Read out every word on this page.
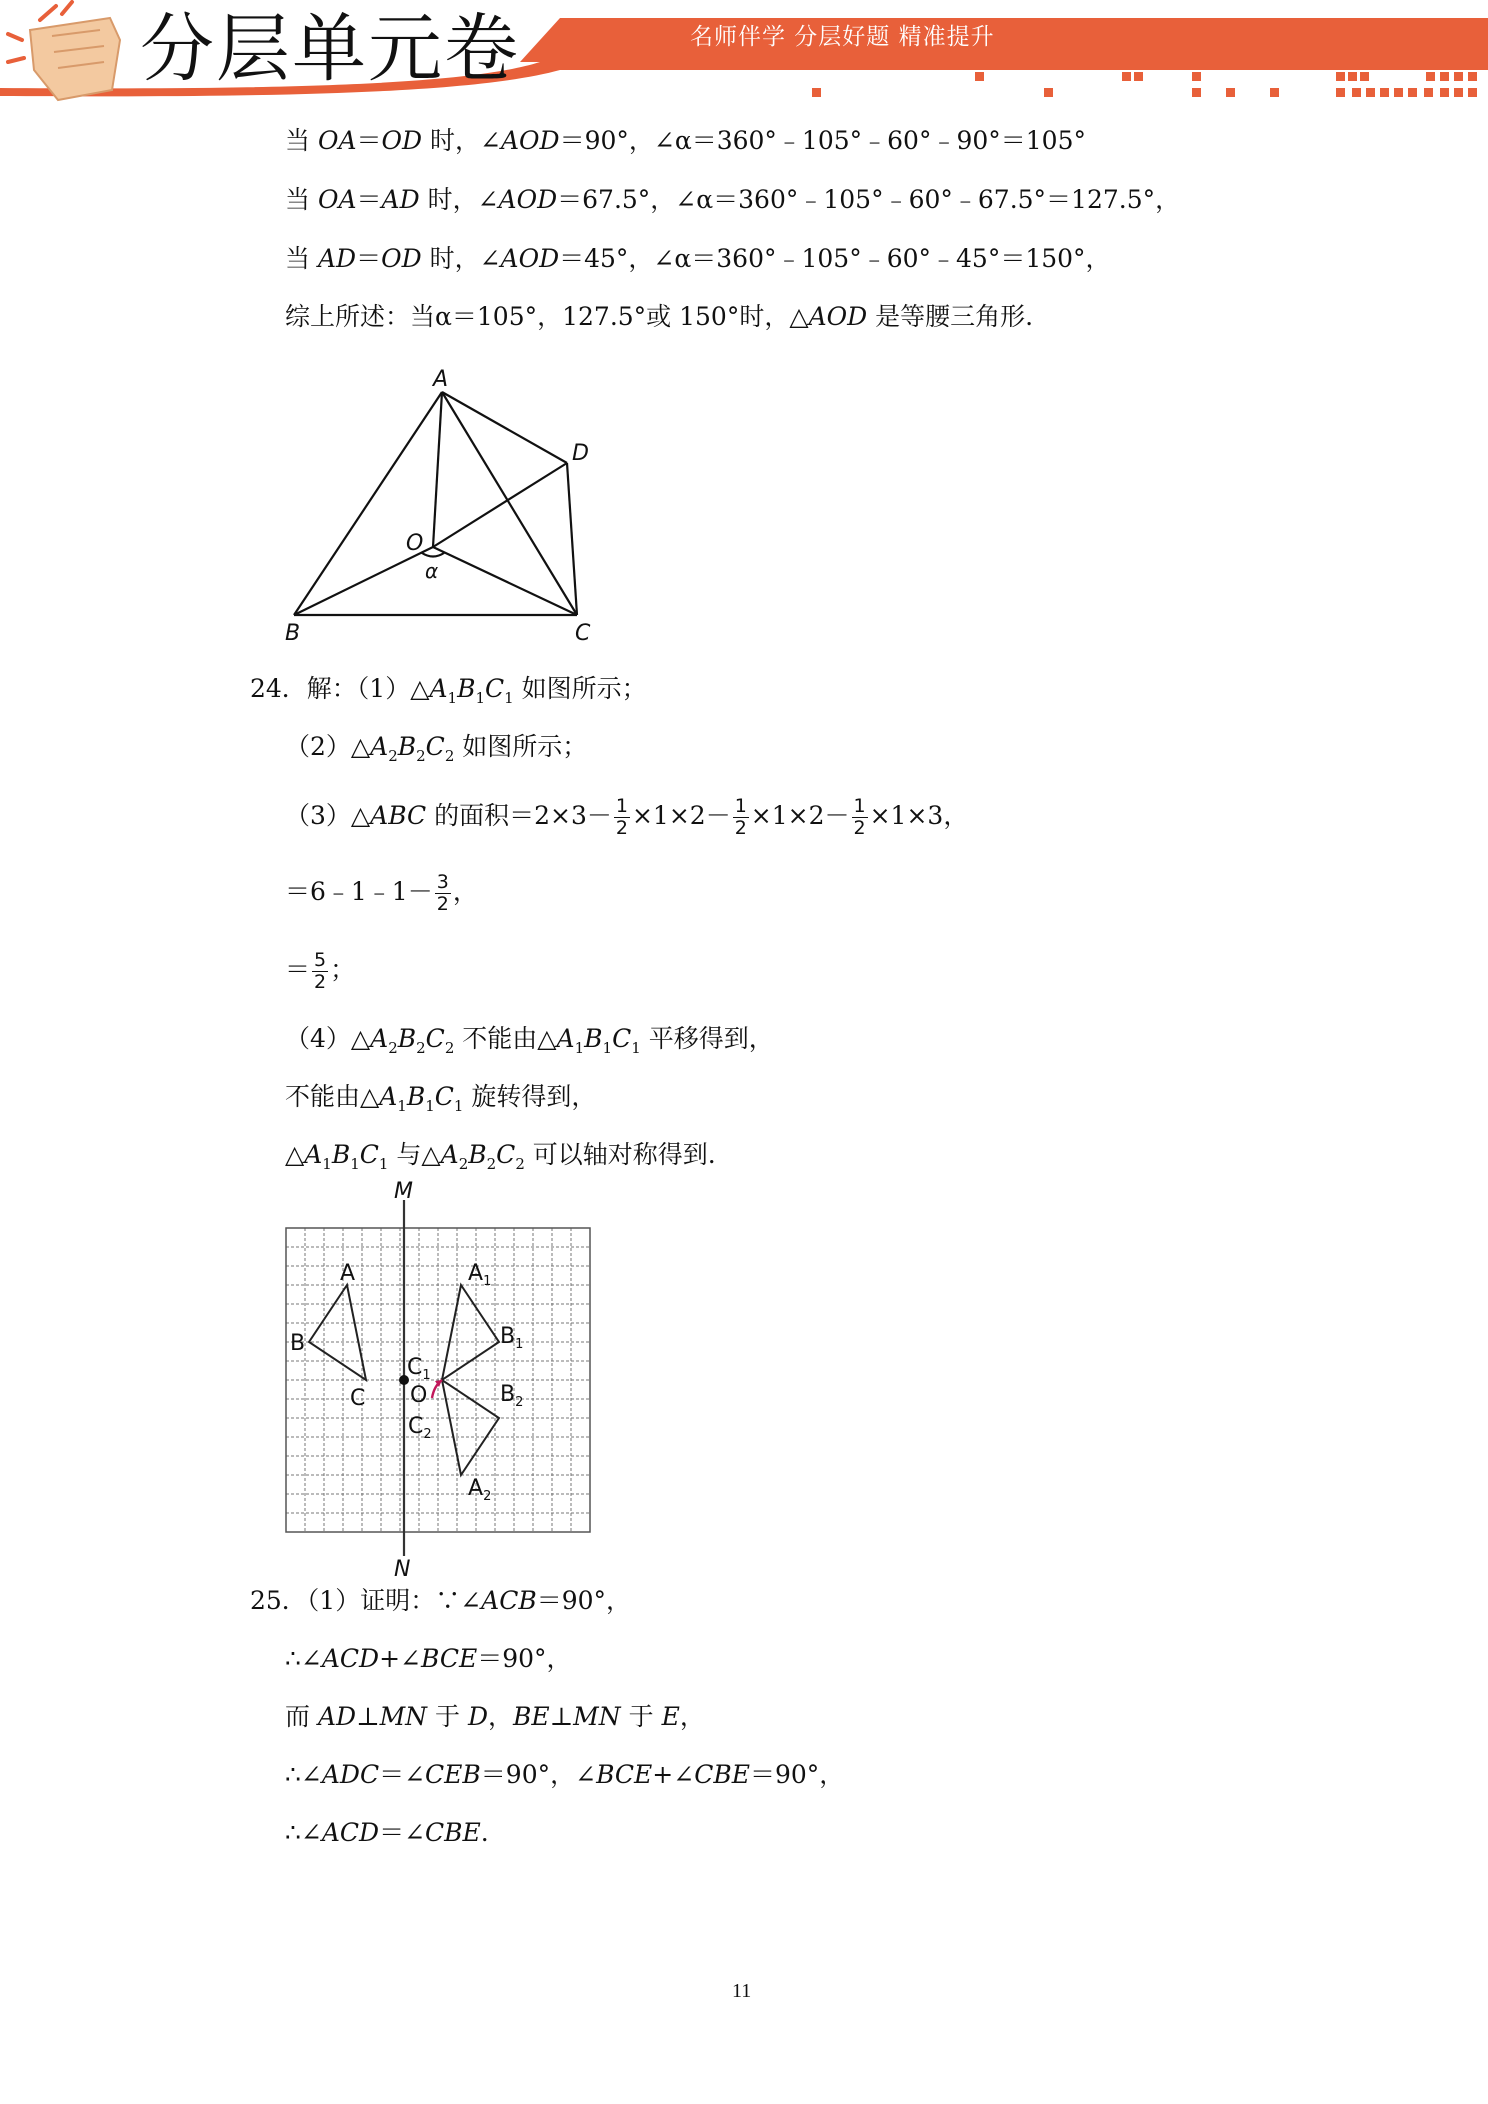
分层单元卷	名师伴学 分层好题 精准提升
当 OA＝OD 时，∠AOD＝90°，∠α＝360°﹣105°﹣60°﹣90°＝105°
当 OA＝AD 时，∠AOD＝67.5°，∠α＝360°﹣105°﹣60°﹣67.5°＝127.5°，
当 AD＝OD 时，∠AOD＝45°，∠α＝360°﹣105°﹣60°﹣45°＝150°，
综上所述：当α＝105°，127.5°或 150°时，△AOD 是等腰三角形.
A
D
O
α
B	C
24．解：$(1)\triangle A_1B_1C_1$ 如图所示；
$(2)\triangle A_2B_2C_2$ 如图所示；
（3）△ABC 的面积$=2\times 3- \frac{1}{2} \times 1\times 2- \frac{1}{2} \times 1\times 2- \frac{1}{2} \times 1\times 3$，
＝6﹣1﹣1－ $\frac{3}{2}$ ，
＝ $\frac{5}{2}$ ；
$(4)\triangle A_2B_2C_2$ 不能由$\triangle A_1B_1C_1$ 平移得到，
不能由$\triangle A_1B_1C_1$ 旋转得到，
$\triangle A_1B_1C_1$ 与$\triangle A_2B_2C_2$ 可以轴对称得到.
M
N
A
B
C O
$A_1$
$B_1$
$C_1$
$B_2$
$C_2$
$A_2$
25．（1）证明：∵∠ACB＝90°，
∴∠ACD+∠BCE＝90°，
而 AD⊥MN 于 D，BE⊥MN 于 E，
∴∠ADC＝∠CEB＝90°，∠BCE+∠CBE＝90°，
∴∠ACD＝∠CBE.
11
